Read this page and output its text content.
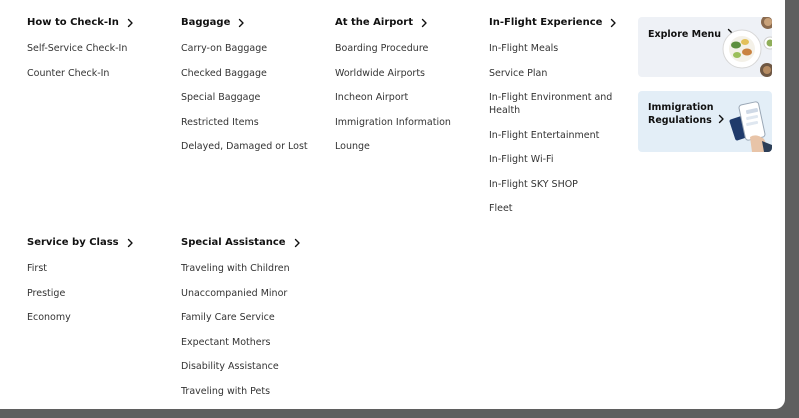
How to Check-In
Self-Service Check-In
Counter Check-In
Baggage
Carry-on Baggage
Checked Baggage
Special Baggage
Restricted Items
Delayed, Damaged or Lost
At the Airport
Boarding Procedure
Worldwide Airports
Incheon Airport
Immigration Information
Lounge
In-Flight Experience
In-Flight Meals
Service Plan
In-Flight Environment and Health
In-Flight Entertainment
In-Flight Wi-Fi
In-Flight SKY SHOP
Fleet
Service by Class
First
Prestige
Economy
Special Assistance
Traveling with Children
Unaccompanied Minor
Family Care Service
Expectant Mothers
Disability Assistance
Traveling with Pets
Explore Menu
Immigration
Regulations
